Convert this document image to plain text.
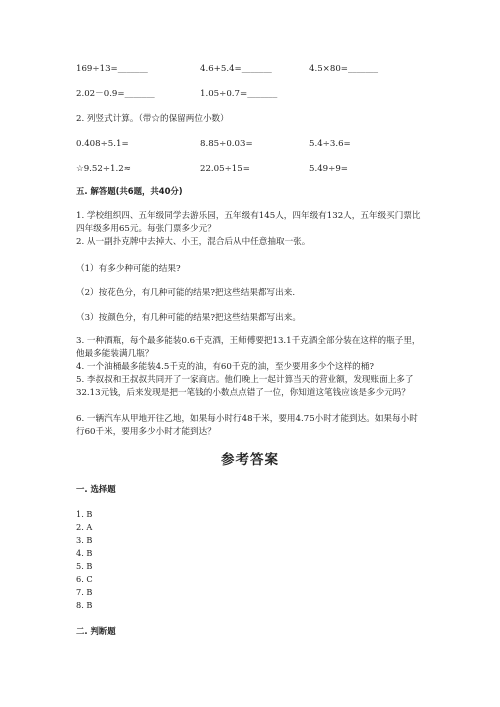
169÷13=_______	4.6+5.4=_______	4.5×80=_______
2.02－0.9=_______	1.05÷0.7=_______
2. 列竖式计算。（带☆的保留两位小数）
0.408÷5.1=	8.85÷0.03=	5.4÷3.6=
☆9.52÷1.2≈	22.05÷15=	5.49÷9=
五. 解答题(共6题，共40分)
1. 学校组织四、五年级同学去游乐园，五年级有145人，四年级有132人，五年级买门票比四年级多用65元。每张门票多少元？
2. 从一副扑克牌中去掉大、小王，混合后从中任意抽取一张。
（1）有多少种可能的结果?
（2）按花色分，有几种可能的结果?把这些结果都写出来.
（3）按颜色分，有几种可能的结果?把这些结果都写出来。
3. 一种酒瓶，每个最多能装0.6千克酒，王师傅要把13.1千克酒全部分装在这样的瓶子里，他最多能装满几瓶？
4. 一个油桶最多能装4.5千克的油，有60千克的油，至少要用多少个这样的桶?
5. 李叔叔和王叔叔共同开了一家商店。他们晚上一起计算当天的营业额，发现账面上多了32.13元钱，后来发现是把一笔钱的小数点点错了一位，你知道这笔钱应该是多少元吗？
6. 一辆汽车从甲地开往乙地，如果每小时行48千米，要用4.75小时才能到达。如果每小时行60千米，要用多少小时才能到达？
参考答案
一. 选择题
1. B
2. A
3. B
4. B
5. B
6. C
7. B
8. B
二. 判断题
